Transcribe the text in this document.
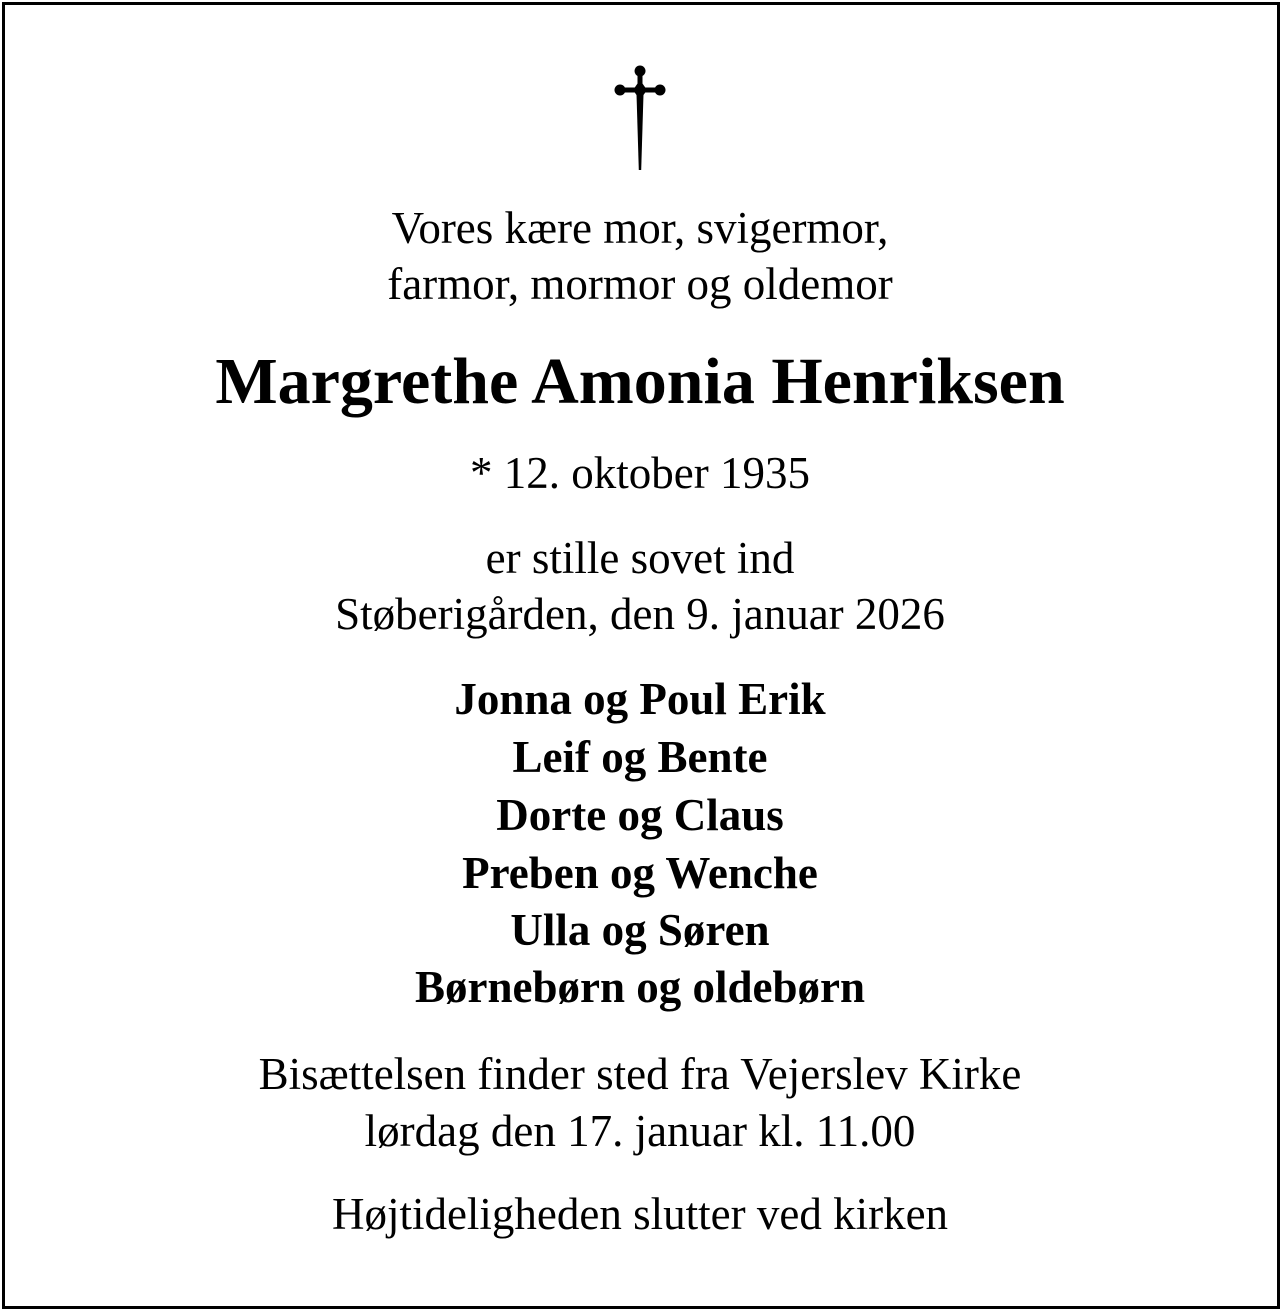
Vores kære mor, svigermor,

farmor, mormor og oldemor

Margrethe Amonia Henriksen

* 12. oktober 1935

er stille sovet ind

Støberigården, den 9. januar 2026

Jonna og Poul Erik

Leif og Bente

Dorte og Claus

Preben og Wenche

Ulla og Søren

Børnebørn og oldebørn

Bisættelsen finder sted fra Vejerslev Kirke

lørdag den 17. januar kl. 11.00

Højtideligheden slutter ved kirken
